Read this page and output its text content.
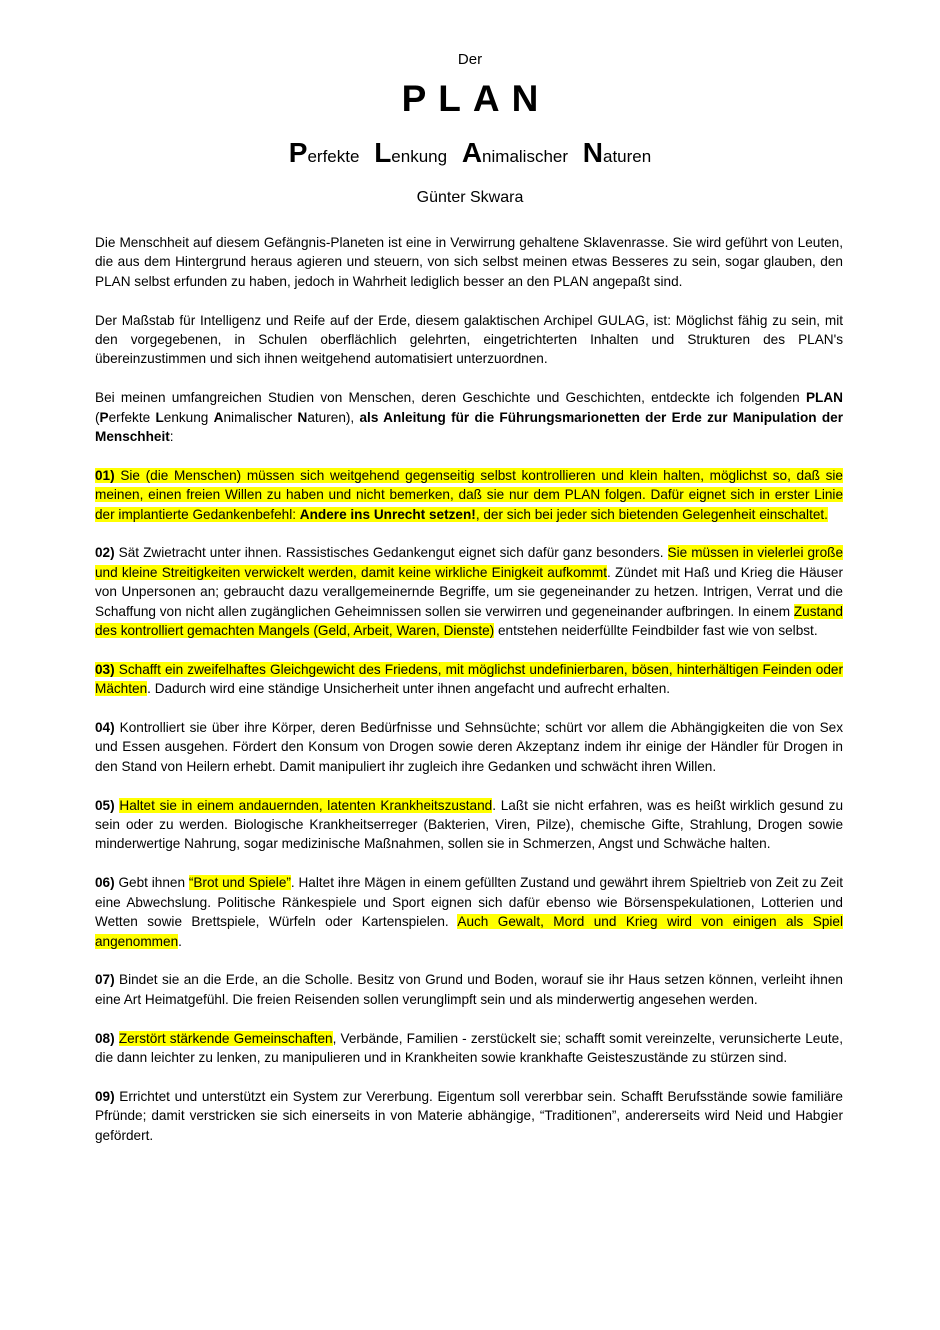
Der
PLAN
Perfekte Lenkung Animalischer Naturen
Günter Skwara

Die Menschheit auf diesem Gefängnis-Planeten ist eine in Verwirrung gehaltene Sklavenrasse. Sie wird geführt von Leuten, die aus dem Hintergrund heraus agieren und steuern, von sich selbst meinen etwas Besseres zu sein, sogar glauben, den PLAN selbst erfunden zu haben, jedoch in Wahrheit lediglich besser an den PLAN angepaßt sind.

Der Maßstab für Intelligenz und Reife auf der Erde, diesem galaktischen Archipel GULAG, ist: Möglichst fähig zu sein, mit den vorgegebenen, in Schulen oberflächlich gelehrten, eingetrichterten Inhalten und Strukturen des PLAN's übereinzustimmen und sich ihnen weitgehend automatisiert unterzuordnen.

Bei meinen umfangreichen Studien von Menschen, deren Geschichte und Geschichten, entdeckte ich folgenden PLAN (Perfekte Lenkung Animalischer Naturen), als Anleitung für die Führungsmarionetten der Erde zur Manipulation der Menschheit:

01) Sie (die Menschen) müssen sich weitgehend gegenseitig selbst kontrollieren und klein halten, möglichst so, daß sie meinen, einen freien Willen zu haben und nicht bemerken, daß sie nur dem PLAN folgen. Dafür eignet sich in erster Linie der implantierte Gedankenbefehl: Andere ins Unrecht setzen!, der sich bei jeder sich bietenden Gelegenheit einschaltet.

02) Sät Zwietracht unter ihnen. Rassistisches Gedankengut eignet sich dafür ganz besonders. Sie müssen in vielerlei große und kleine Streitigkeiten verwickelt werden, damit keine wirkliche Einigkeit aufkommt. Zündet mit Haß und Krieg die Häuser von Unpersonen an; gebraucht dazu verallgemeinernde Begriffe, um sie gegeneinander zu hetzen. Intrigen, Verrat und die Schaffung von nicht allen zugänglichen Geheimnissen sollen sie verwirren und gegeneinander aufbringen. In einem Zustand des kontrolliert gemachten Mangels (Geld, Arbeit, Waren, Dienste) entstehen neiderfüllte Feindbilder fast wie von selbst.

03) Schafft ein zweifelhaftes Gleichgewicht des Friedens, mit möglichst undefinierbaren, bösen, hinterhältigen Feinden oder Mächten. Dadurch wird eine ständige Unsicherheit unter ihnen angefacht und aufrecht erhalten.

04) Kontrolliert sie über ihre Körper, deren Bedürfnisse und Sehnsüchte; schürt vor allem die Abhängigkeiten die von Sex und Essen ausgehen. Fördert den Konsum von Drogen sowie deren Akzeptanz indem ihr einige der Händler für Drogen in den Stand von Heilern erhebt. Damit manipuliert ihr zugleich ihre Gedanken und schwächt ihren Willen.

05) Haltet sie in einem andauernden, latenten Krankheitszustand. Laßt sie nicht erfahren, was es heißt wirklich gesund zu sein oder zu werden. Biologische Krankheitserreger (Bakterien, Viren, Pilze), chemische Gifte, Strahlung, Drogen sowie minderwertige Nahrung, sogar medizinische Maßnahmen, sollen sie in Schmerzen, Angst und Schwäche halten.

06) Gebt ihnen “Brot und Spiele”. Haltet ihre Mägen in einem gefüllten Zustand und gewährt ihrem Spieltrieb von Zeit zu Zeit eine Abwechslung. Politische Ränkespiele und Sport eignen sich dafür ebenso wie Börsenspekulationen, Lotterien und Wetten sowie Brettspiele, Würfeln oder Kartenspielen. Auch Gewalt, Mord und Krieg wird von einigen als Spiel angenommen.

07) Bindet sie an die Erde, an die Scholle. Besitz von Grund und Boden, worauf sie ihr Haus setzen können, verleiht ihnen eine Art Heimatgefühl. Die freien Reisenden sollen verunglimpft sein und als minderwertig angesehen werden.

08) Zerstört stärkende Gemeinschaften, Verbände, Familien - zerstückelt sie; schafft somit vereinzelte, verunsicherte Leute, die dann leichter zu lenken, zu manipulieren und in Krankheiten sowie krankhafte Geisteszustände zu stürzen sind.

09) Errichtet und unterstützt ein System zur Vererbung. Eigentum soll vererbbar sein. Schafft Berufsstände sowie familiäre Pfründe; damit verstricken sie sich einerseits in von Materie abhängige, “Traditionen”, andererseits wird Neid und Habgier gefördert.
